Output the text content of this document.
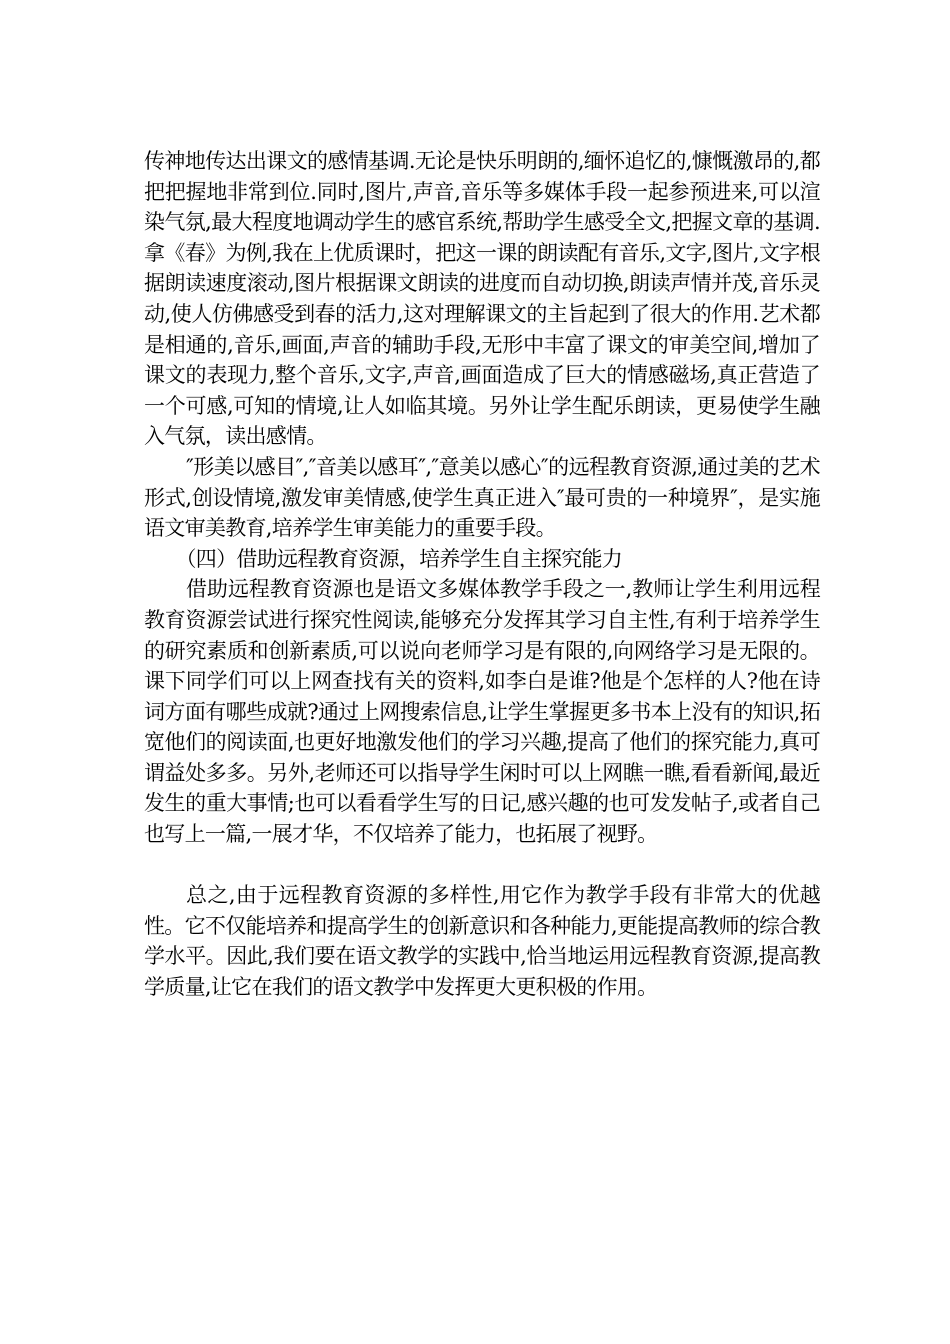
传神地传达出课文的感情基调.无论是快乐明朗的,缅怀追忆的,慷慨激昂的,都把把握地非常到位.同时,图片,声音,音乐等多媒体手段一起参预进来,可以渲染气氛,最大程度地调动学生的感官系统,帮助学生感受全文,把握文章的基调.拿《春》为例,我在上优质课时，把这一课的朗读配有音乐,文字,图片,文字根据朗读速度滚动,图片根据课文朗读的进度而自动切换,朗读声情并茂,音乐灵动,使人仿佛感受到春的活力,这对理解课文的主旨起到了很大的作用.艺术都是相通的,音乐,画面,声音的辅助手段,无形中丰富了课文的审美空间,增加了课文的表现力,整个音乐,文字,声音,画面造成了巨大的情感磁场,真正营造了一个可感,可知的情境,让人如临其境。另外让学生配乐朗读，更易使学生融入气氛，读出感情。

″形美以感目″,″音美以感耳″,″意美以感心″的远程教育资源,通过美的艺术形式,创设情境,激发审美情感,使学生真正进入″最可贵的一种境界″，是实施语文审美教育,培养学生审美能力的重要手段。

（四）借助远程教育资源，培养学生自主探究能力

借助远程教育资源也是语文多媒体教学手段之一,教师让学生利用远程教育资源尝试进行探究性阅读,能够充分发挥其学习自主性,有利于培养学生的研究素质和创新素质,可以说向老师学习是有限的,向网络学习是无限的。课下同学们可以上网查找有关的资料,如李白是谁?他是个怎样的人?他在诗词方面有哪些成就?通过上网搜索信息,让学生掌握更多书本上没有的知识,拓宽他们的阅读面,也更好地激发他们的学习兴趣,提高了他们的探究能力,真可谓益处多多。另外,老师还可以指导学生闲时可以上网瞧一瞧,看看新闻,最近发生的重大事情;也可以看看学生写的日记,感兴趣的也可发发帖子,或者自己也写上一篇,一展才华，不仅培养了能力，也拓展了视野。

总之,由于远程教育资源的多样性,用它作为教学手段有非常大的优越性。它不仅能培养和提高学生的创新意识和各种能力,更能提高教师的综合教学水平。因此,我们要在语文教学的实践中,恰当地运用远程教育资源,提高教学质量,让它在我们的语文教学中发挥更大更积极的作用。
